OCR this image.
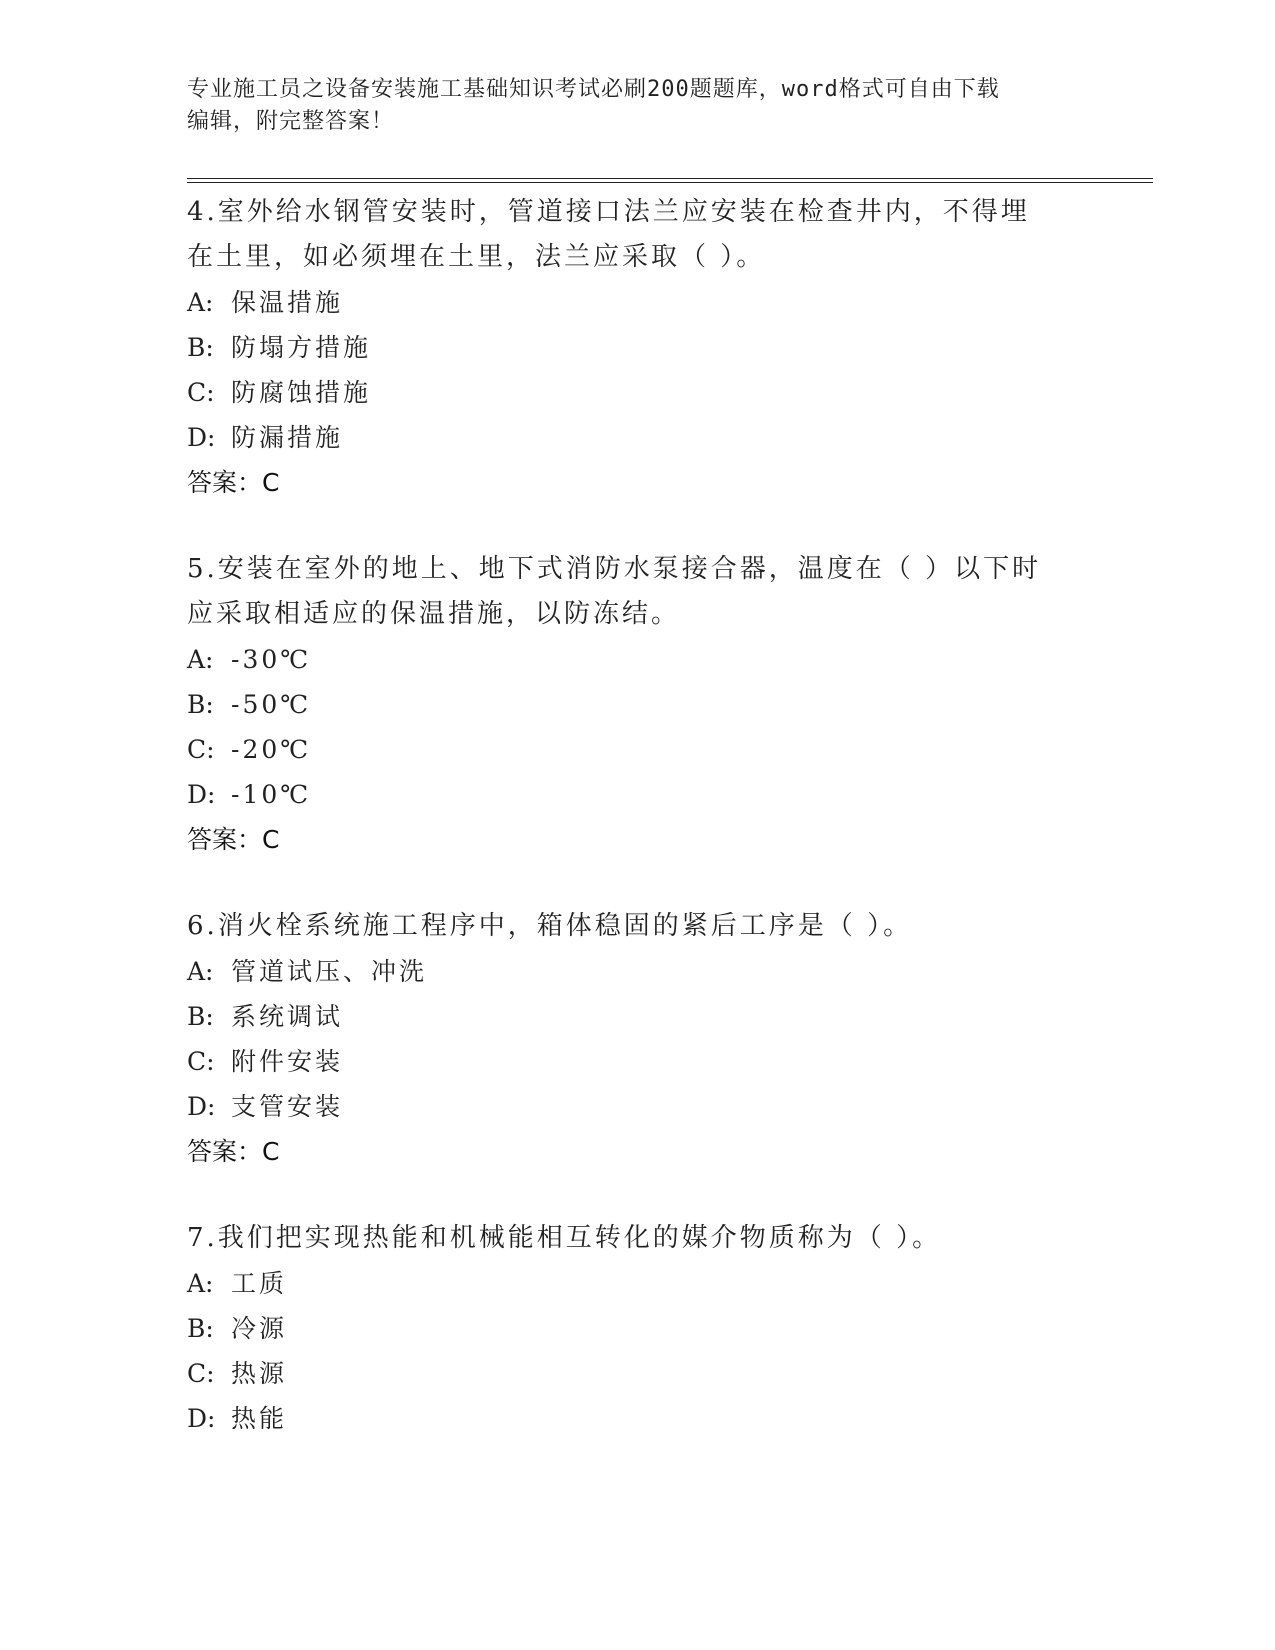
专业施工员之设备安装施工基础知识考试必刷200题题库，word格式可自由下载
编辑，附完整答案！

4.室外给水钢管安装时，管道接口法兰应安装在检查井内，不得埋在土里，如必须埋在土里，法兰应采取（ ）。

A: 保温措施

B: 防塌方措施

C: 防腐蚀措施

D: 防漏措施

答案：C

5.安装在室外的地上、地下式消防水泵接合器，温度在（ ）以下时应采取相适应的保温措施，以防冻结。

A: -30℃

B: -50℃

C: -20℃

D: -10℃

答案：C

6.消火栓系统施工程序中，箱体稳固的紧后工序是（ ）。

A: 管道试压、冲洗

B: 系统调试

C: 附件安装

D: 支管安装

答案：C

7.我们把实现热能和机械能相互转化的媒介物质称为（ ）。

A: 工质

B: 冷源

C: 热源

D: 热能
